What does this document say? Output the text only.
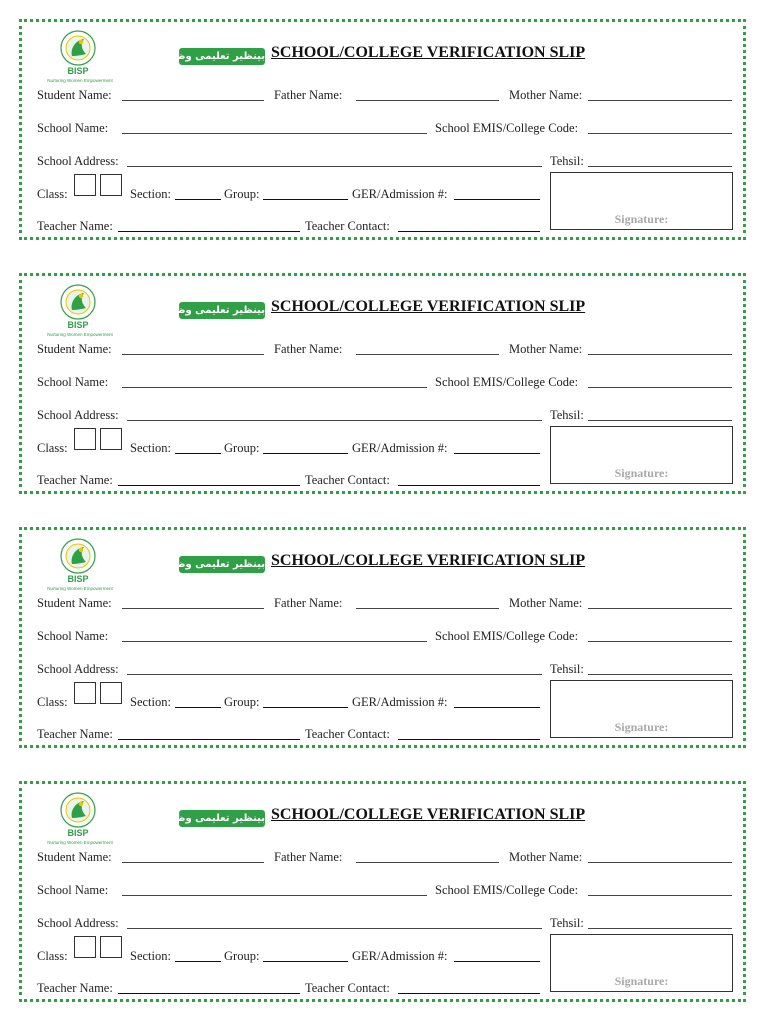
BISP
Nurturing Women Empowerment
بینظیر تعلیمی وظائف SCHOOL/COLLEGE VERIFICATION SLIP
Student Name:	Father Name:	Mother Name:
School Name:	School EMIS/College Code:
School Address:	Tehsil:
Class:	Section:	Group:	GER/Admission #:
Teacher Name:	Teacher Contact:	Signature:
BISP
Nurturing Women Empowerment
بینظیر تعلیمی وظائف SCHOOL/COLLEGE VERIFICATION SLIP
Student Name:	Father Name:	Mother Name:
School Name:	School EMIS/College Code:
School Address:	Tehsil:
Class:	Section:	Group:	GER/Admission #:
Teacher Name:	Teacher Contact:	Signature:
BISP
Nurturing Women Empowerment
بینظیر تعلیمی وظائف SCHOOL/COLLEGE VERIFICATION SLIP
Student Name:	Father Name:	Mother Name:
School Name:	School EMIS/College Code:
School Address:	Tehsil:
Class:	Section:	Group:	GER/Admission #:
Teacher Name:	Teacher Contact:	Signature:
BISP
Nurturing Women Empowerment
بینظیر تعلیمی وظائف SCHOOL/COLLEGE VERIFICATION SLIP
Student Name:	Father Name:	Mother Name:
School Name:	School EMIS/College Code:
School Address:	Tehsil:
Class:	Section:	Group:	GER/Admission #:
Teacher Name:	Teacher Contact:	Signature:
